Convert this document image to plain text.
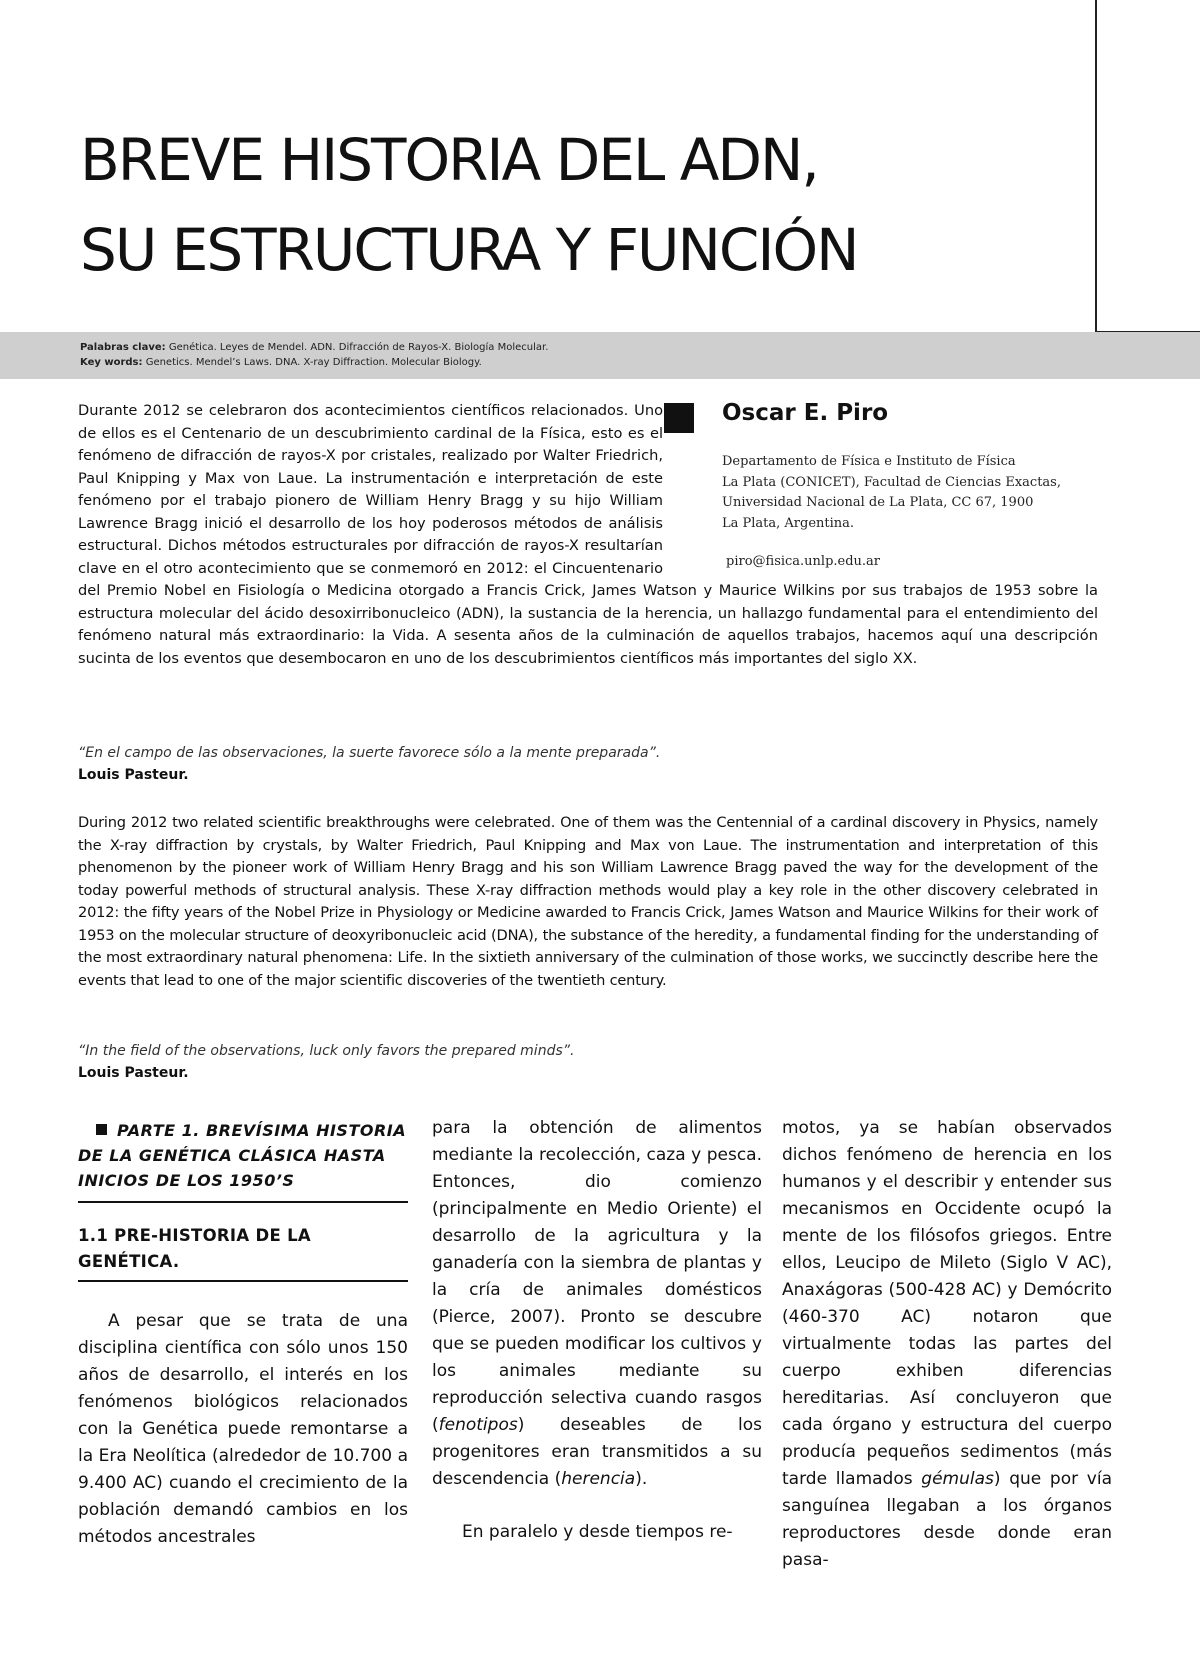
BREVE HISTORIA DEL ADN,
SU ESTRUCTURA Y FUNCIÓN
Palabras clave: Genética. Leyes de Mendel. ADN. Difracción de Rayos-X. Biología Molecular.
Key words: Genetics. Mendel’s Laws. DNA. X-ray Diffraction. Molecular Biology.
Durante 2012 se celebraron dos acontecimientos científicos relacionados. Uno de ellos es el Centenario de un descubrimiento cardinal de la Física, esto es el fenómeno de difracción de rayos-X por cristales, realizado por Walter Friedrich, Paul Knipping y Max von Laue. La instrumentación e interpretación de este fenómeno por el trabajo pionero de William Henry Bragg y su hijo William Lawrence Bragg inició el desarrollo de los hoy poderosos métodos de análisis estructural. Dichos métodos estructurales por difracción de rayos-X resultarían clave en el otro acontecimiento que se conmemoró en 2012: el Cincuentenario del Premio Nobel en Fisiología o Medicina otorgado a Francis Crick, James Watson y Maurice Wilkins por sus trabajos de 1953 sobre la estructura molecular del ácido desoxirribonucleico (ADN), la sustancia de la herencia, un hallazgo fundamental para el entendimiento del fenómeno natural más extraordinario: la Vida. A sesenta años de la culminación de aquellos trabajos, hacemos aquí una descripción sucinta de los eventos que desembocaron en uno de los descubrimientos científicos más importantes del siglo XX.
Oscar E. Piro
Departamento de Física e Instituto de Física
La Plata (CONICET), Facultad de Ciencias Exactas,
Universidad Nacional de La Plata, CC 67, 1900
La Plata, Argentina.
piro@fisica.unlp.edu.ar
“En el campo de las observaciones, la suerte favorece sólo a la mente preparada”.
Louis Pasteur.
During 2012 two related scientific breakthroughs were celebrated. One of them was the Centennial of a cardinal discovery in Physics, namely the X-ray diffraction by crystals, by Walter Friedrich, Paul Knipping and Max von Laue. The instrumentation and interpretation of this phenomenon by the pioneer work of William Henry Bragg and his son William Lawrence Bragg paved the way for the development of the today powerful methods of structural analysis. These X-ray diffraction methods would play a key role in the other discovery celebrated in 2012: the fifty years of the Nobel Prize in Physiology or Medicine awarded to Francis Crick, James Watson and Maurice Wilkins for their work of 1953 on the molecular structure of deoxyribonucleic acid (DNA), the substance of the heredity, a fundamental finding for the understanding of the most extraordinary natural phenomena: Life. In the sixtieth anniversary of the culmination of those works, we succinctly describe here the events that lead to one of the major scientific discoveries of the twentieth century.
“In the field of the observations, luck only favors the prepared minds”.
Louis Pasteur.
PARTE 1. BREVÍSIMA HISTORIA DE LA GENÉTICA CLÁSICA HASTA INICIOS DE LOS 1950’S
1.1 PRE-HISTORIA DE LA GENÉTICA.

A pesar que se trata de una disciplina científica con sólo unos 150 años de desarrollo, el interés en los fenómenos biológicos relacionados con la Genética puede remontarse a la Era Neolítica (alrededor de 10.700 a 9.400 AC) cuando el crecimiento de la población demandó cambios en los métodos ancestrales

para la obtención de alimentos mediante la recolección, caza y pesca. Entonces, dio comienzo (principalmente en Medio Oriente) el desarrollo de la agricultura y la ganadería con la siembra de plantas y la cría de animales domésticos (Pierce, 2007). Pronto se descubre que se pueden modificar los cultivos y los animales mediante su reproducción selectiva cuando rasgos (fenotipos) deseables de los progenitores eran transmitidos a su descendencia (herencia).

En paralelo y desde tiempos re-

motos, ya se habían observados dichos fenómeno de herencia en los humanos y el describir y entender sus mecanismos en Occidente ocupó la mente de los filósofos griegos. Entre ellos, Leucipo de Mileto (Siglo V AC), Anaxágoras (500-428 AC) y Demócrito (460-370 AC) notaron que virtualmente todas las partes del cuerpo exhiben diferencias hereditarias. Así concluyeron que cada órgano y estructura del cuerpo producía pequeños sedimentos (más tarde llamados gémulas) que por vía sanguínea llegaban a los órganos reproductores desde donde eran pasa-
